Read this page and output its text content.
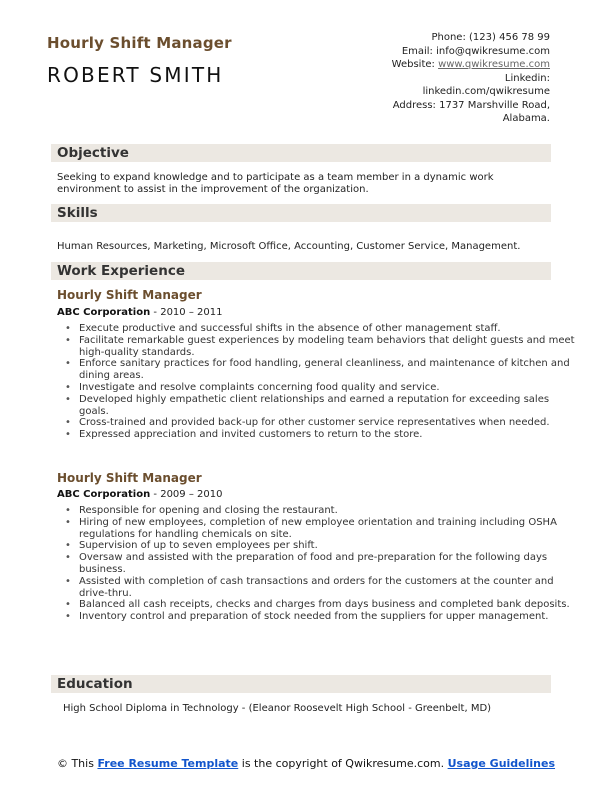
Hourly Shift Manager
ROBERT SMITH
Phone: (123) 456 78 99
Email: info@qwikresume.com
Website: www.qwikresume.com
Linkedin:
linkedin.com/qwikresume
Address: 1737 Marshville Road,
Alabama.
Objective
Seeking to expand knowledge and to participate as a team member in a dynamic work environment to assist in the improvement of the organization.
Skills
Human Resources, Marketing, Microsoft Office, Accounting, Customer Service, Management.
Work Experience
Hourly Shift Manager
ABC Corporation - 2010 – 2011
• Execute productive and successful shifts in the absence of other management staff.
• Facilitate remarkable guest experiences by modeling team behaviors that delight guests and meet high-quality standards.
• Enforce sanitary practices for food handling, general cleanliness, and maintenance of kitchen and dining areas.
• Investigate and resolve complaints concerning food quality and service.
• Developed highly empathetic client relationships and earned a reputation for exceeding sales goals.
• Cross-trained and provided back-up for other customer service representatives when needed.
• Expressed appreciation and invited customers to return to the store.
Hourly Shift Manager
ABC Corporation - 2009 – 2010
• Responsible for opening and closing the restaurant.
• Hiring of new employees, completion of new employee orientation and training including OSHA regulations for handling chemicals on site.
• Supervision of up to seven employees per shift.
• Oversaw and assisted with the preparation of food and pre-preparation for the following days business.
• Assisted with completion of cash transactions and orders for the customers at the counter and drive-thru.
• Balanced all cash receipts, checks and charges from days business and completed bank deposits.
• Inventory control and preparation of stock needed from the suppliers for upper management.
Education
High School Diploma in Technology - (Eleanor Roosevelt High School - Greenbelt, MD)
© This Free Resume Template is the copyright of Qwikresume.com. Usage Guidelines
